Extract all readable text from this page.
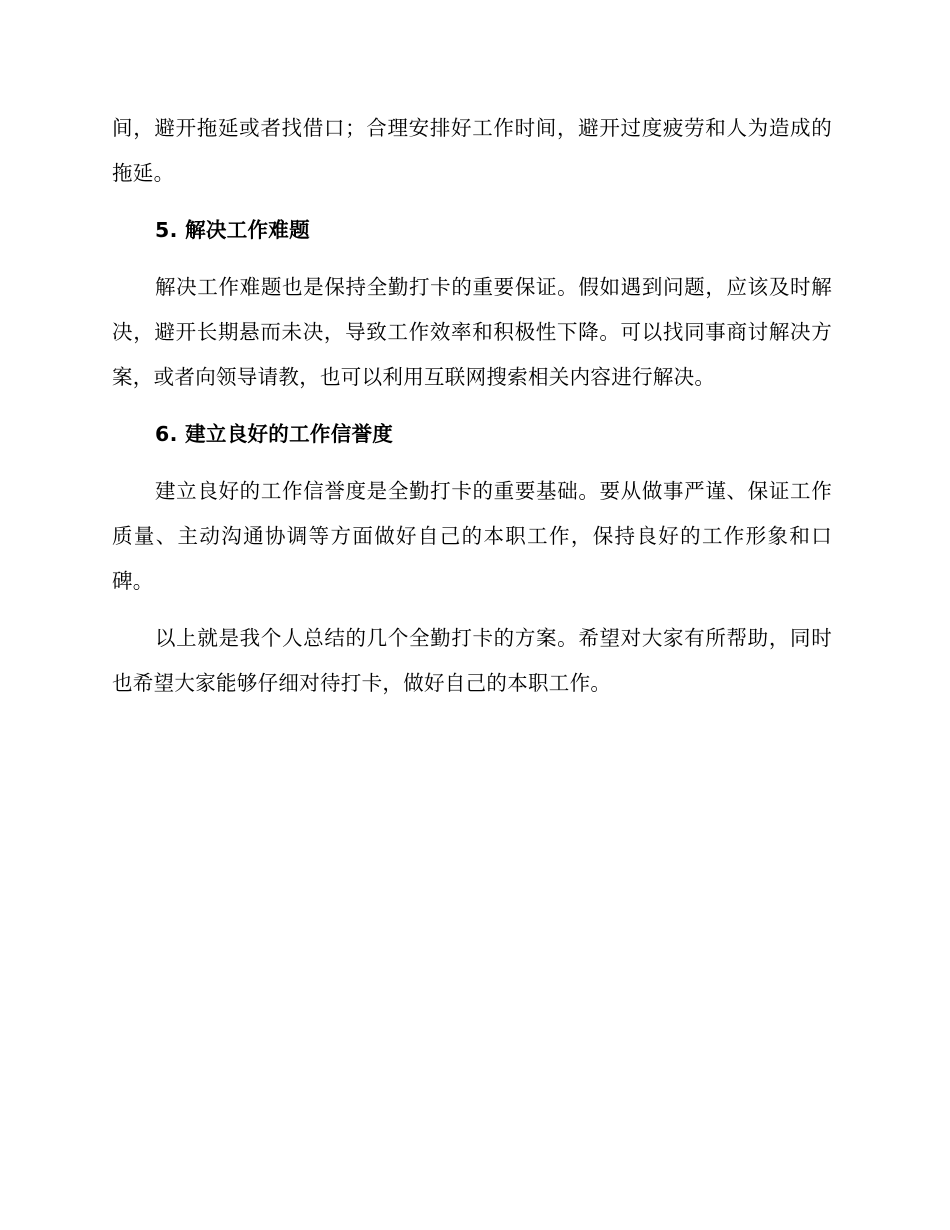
间，避开拖延或者找借口；合理安排好工作时间，避开过度疲劳和人为造成的拖延。

5. 解决工作难题

解决工作难题也是保持全勤打卡的重要保证。假如遇到问题，应该及时解决，避开长期悬而未决，导致工作效率和积极性下降。可以找同事商讨解决方案，或者向领导请教，也可以利用互联网搜索相关内容进行解决。

6. 建立良好的工作信誉度

建立良好的工作信誉度是全勤打卡的重要基础。要从做事严谨、保证工作质量、主动沟通协调等方面做好自己的本职工作，保持良好的工作形象和口碑。

以上就是我个人总结的几个全勤打卡的方案。希望对大家有所帮助，同时也希望大家能够仔细对待打卡，做好自己的本职工作。
